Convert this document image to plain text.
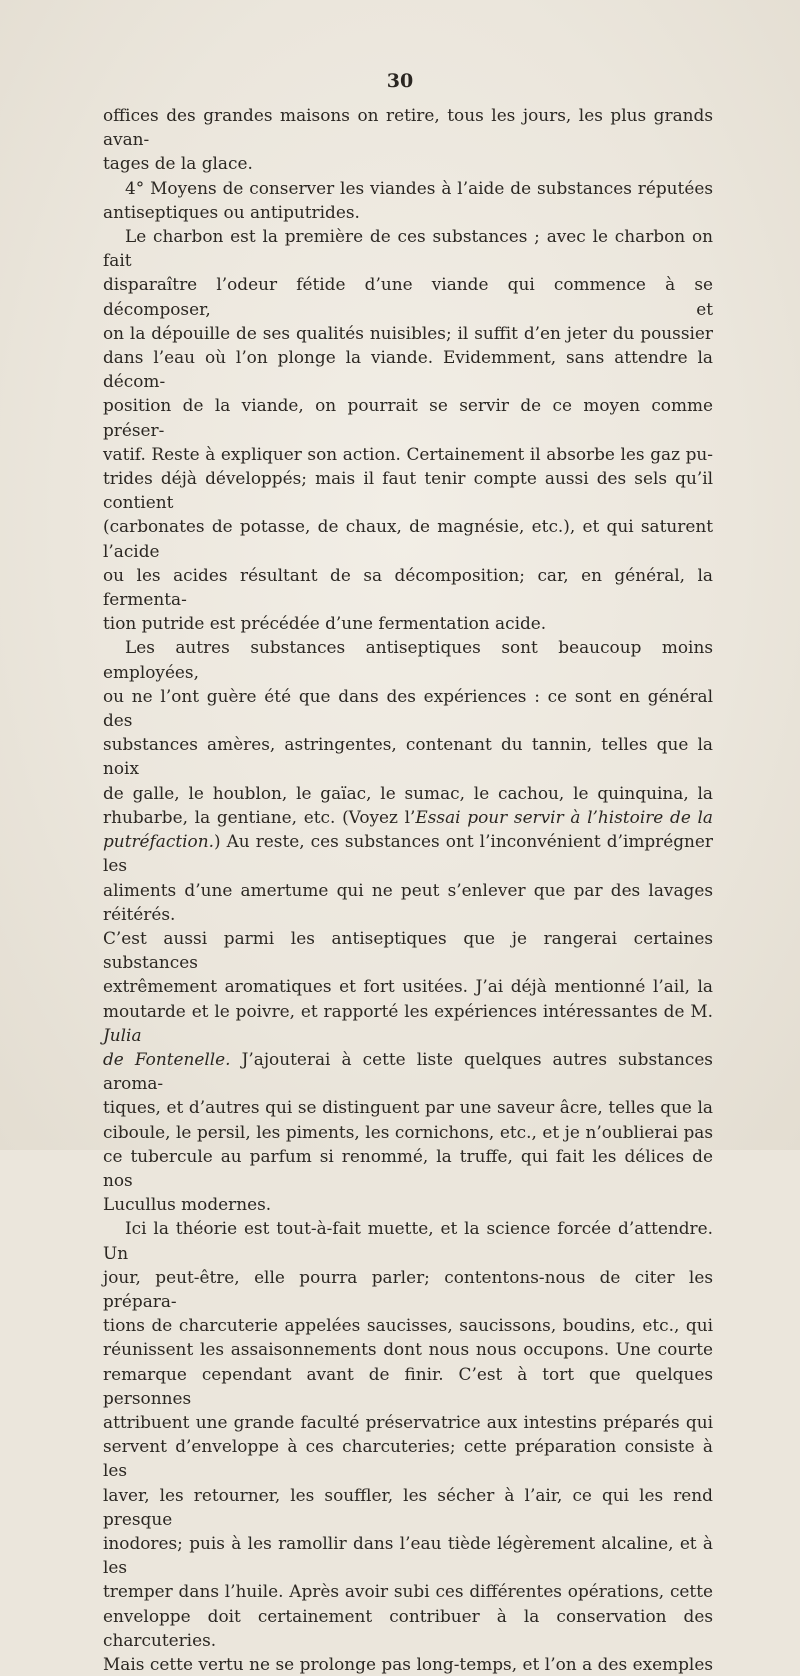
30
offices des grandes maisons on retire, tous les jours, les plus grands avan-
tages de la glace.
4° Moyens de conserver les viandes à l’aide de substances réputées
antiseptiques ou antiputrides.
Le charbon est la première de ces substances ; avec le charbon on fait
disparaître l’odeur fétide d’une viande qui commence à se décomposer, et
on la dépouille de ses qualités nuisibles; il suffit d’en jeter du poussier
dans l’eau où l’on plonge la viande. Evidemment, sans attendre la décom-
position de la viande, on pourrait se servir de ce moyen comme préser-
vatif. Reste à expliquer son action. Certainement il absorbe les gaz pu-
trides déjà développés; mais il faut tenir compte aussi des sels qu’il contient
(carbonates de potasse, de chaux, de magnésie, etc.), et qui saturent l’acide
ou les acides résultant de sa décomposition; car, en général, la fermenta-
tion putride est précédée d’une fermentation acide.
Les autres substances antiseptiques sont beaucoup moins employées,
ou ne l’ont guère été que dans des expériences : ce sont en général des
substances amères, astringentes, contenant du tannin, telles que la noix
de galle, le houblon, le gaïac, le sumac, le cachou, le quinquina, la
rhubarbe, la gentiane, etc. (Voyez l’Essai pour servir à l’histoire de la
putréfaction.) Au reste, ces substances ont l’inconvénient d’imprégner les
aliments d’une amertume qui ne peut s’enlever que par des lavages réitérés.
C’est aussi parmi les antiseptiques que je rangerai certaines substances
extrêmement aromatiques et fort usitées. J’ai déjà mentionné l’ail, la
moutarde et le poivre, et rapporté les expériences intéressantes de M. Julia
de Fontenelle. J’ajouterai à cette liste quelques autres substances aroma-
tiques, et d’autres qui se distinguent par une saveur âcre, telles que la
ciboule, le persil, les piments, les cornichons, etc., et je n’oublierai pas
ce tubercule au parfum si renommé, la truffe, qui fait les délices de nos
Lucullus modernes.
Ici la théorie est tout-à-fait muette, et la science forcée d’attendre. Un
jour, peut-être, elle pourra parler; contentons-nous de citer les prépara-
tions de charcuterie appelées saucisses, saucissons, boudins, etc., qui
réunissent les assaisonnements dont nous nous occupons. Une courte
remarque cependant avant de finir. C’est à tort que quelques personnes
attribuent une grande faculté préservatrice aux intestins préparés qui
servent d’enveloppe à ces charcuteries; cette préparation consiste à les
laver, les retourner, les souffler, les sécher à l’air, ce qui les rend presque
inodores; puis à les ramollir dans l’eau tiède légèrement alcaline, et à les
tremper dans l’huile. Après avoir subi ces différentes opérations, cette
enveloppe doit certainement contribuer à la conservation des charcuteries.
Mais cette vertu ne se prolonge pas long-temps, et l’on a des exemples
